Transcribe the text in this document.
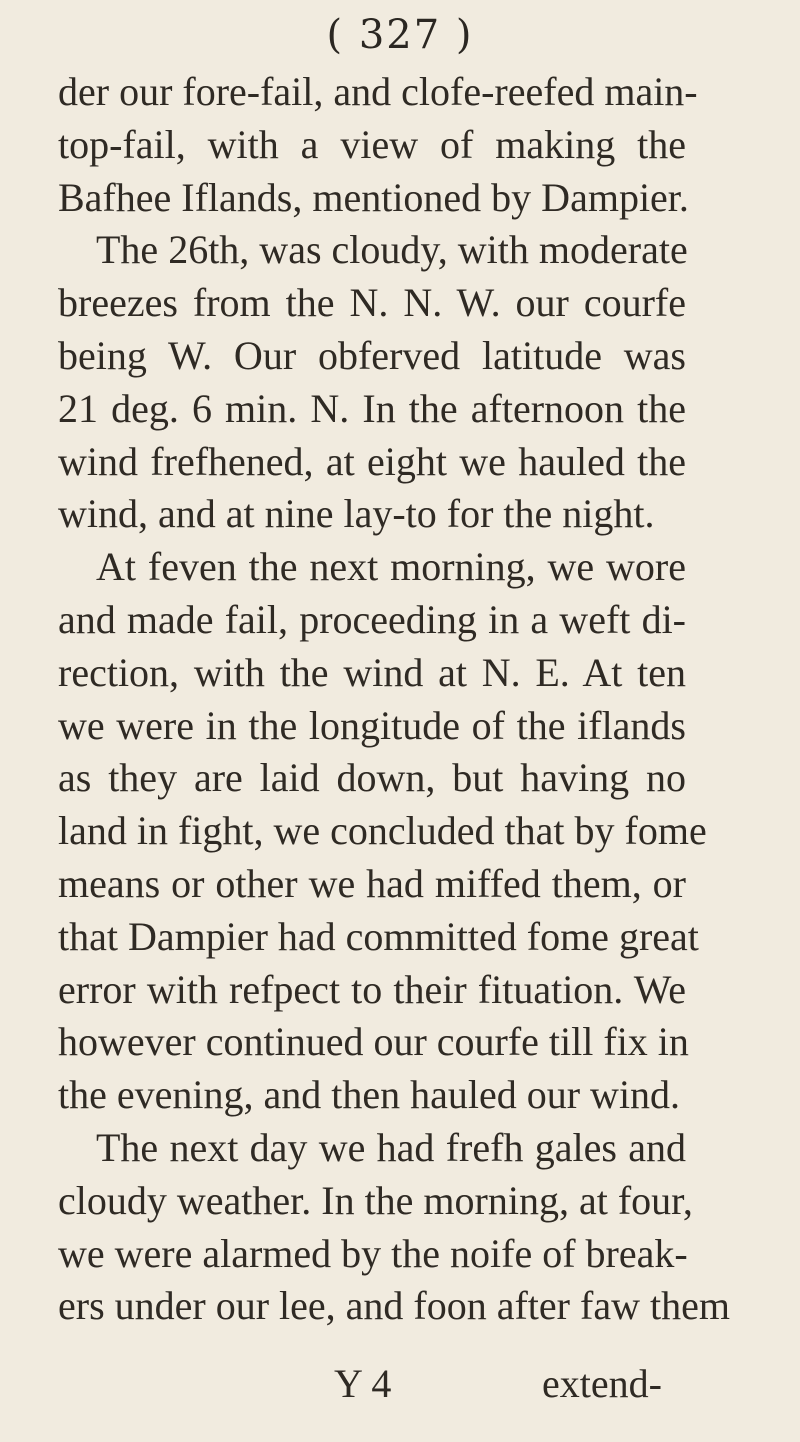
( 327 )
der our fore-fail, and clofe-reefed main-
top-fail, with a view of making the
Bafhee Iflands, mentioned by Dampier.
The 26th, was cloudy, with moderate
breezes from the N. N. W. our courfe
being W. Our obferved latitude was
21 deg. 6 min. N. In the afternoon the
wind frefhened, at eight we hauled the
wind, and at nine lay-to for the night.
At feven the next morning, we wore
and made fail, proceeding in a weft di-
rection, with the wind at N. E. At ten
we were in the longitude of the iflands
as they are laid down, but having no
land in fight, we concluded that by fome
means or other we had miffed them, or
that Dampier had committed fome great
error with refpect to their fituation. We
however continued our courfe till fix in
the evening, and then hauled our wind.
The next day we had frefh gales and
cloudy weather. In the morning, at four,
we were alarmed by the noife of break-
ers under our lee, and foon after faw them
Y 4	extend-
